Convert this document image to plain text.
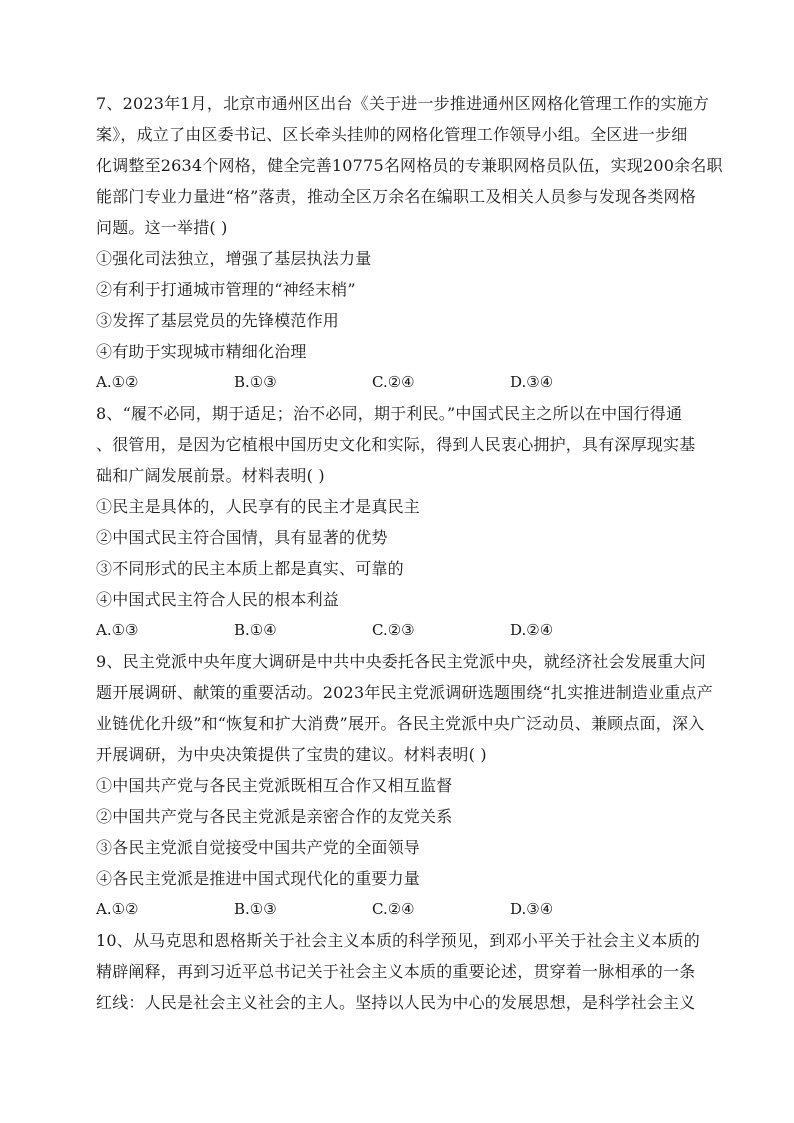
7、2023年1月，北京市通州区出台《关于进一步推进通州区网格化管理工作的实施方
案》，成立了由区委书记、区长牵头挂帅的网格化管理工作领导小组。全区进一步细
化调整至2634个网格，健全完善10775名网格员的专兼职网格员队伍，实现200余名职
能部门专业力量进“格”落责，推动全区万余名在编职工及相关人员参与发现各类网格
问题。这一举措( )
①强化司法独立，增强了基层执法力量
②有利于打通城市管理的“神经末梢”
③发挥了基层党员的先锋模范作用
④有助于实现城市精细化治理
A.①②	B.①③	C.②④	D.③④
8、“履不必同，期于适足；治不必同，期于利民。”中国式民主之所以在中国行得通
、很管用，是因为它植根中国历史文化和实际，得到人民衷心拥护，具有深厚现实基
础和广阔发展前景。材料表明( )
①民主是具体的，人民享有的民主才是真民主
②中国式民主符合国情，具有显著的优势
③不同形式的民主本质上都是真实、可靠的
④中国式民主符合人民的根本利益
A.①③	B.①④	C.②③	D.②④
9、民主党派中央年度大调研是中共中央委托各民主党派中央，就经济社会发展重大问
题开展调研、献策的重要活动。2023年民主党派调研选题围绕“扎实推进制造业重点产
业链优化升级”和“恢复和扩大消费”展开。各民主党派中央广泛动员、兼顾点面，深入
开展调研，为中央决策提供了宝贵的建议。材料表明( )
①中国共产党与各民主党派既相互合作又相互监督
②中国共产党与各民主党派是亲密合作的友党关系
③各民主党派自觉接受中国共产党的全面领导
④各民主党派是推进中国式现代化的重要力量
A.①②	B.①③	C.②④	D.③④
10、从马克思和恩格斯关于社会主义本质的科学预见，到邓小平关于社会主义本质的
精辟阐释，再到习近平总书记关于社会主义本质的重要论述，贯穿着一脉相承的一条
红线：人民是社会主义社会的主人。坚持以人民为中心的发展思想，是科学社会主义
